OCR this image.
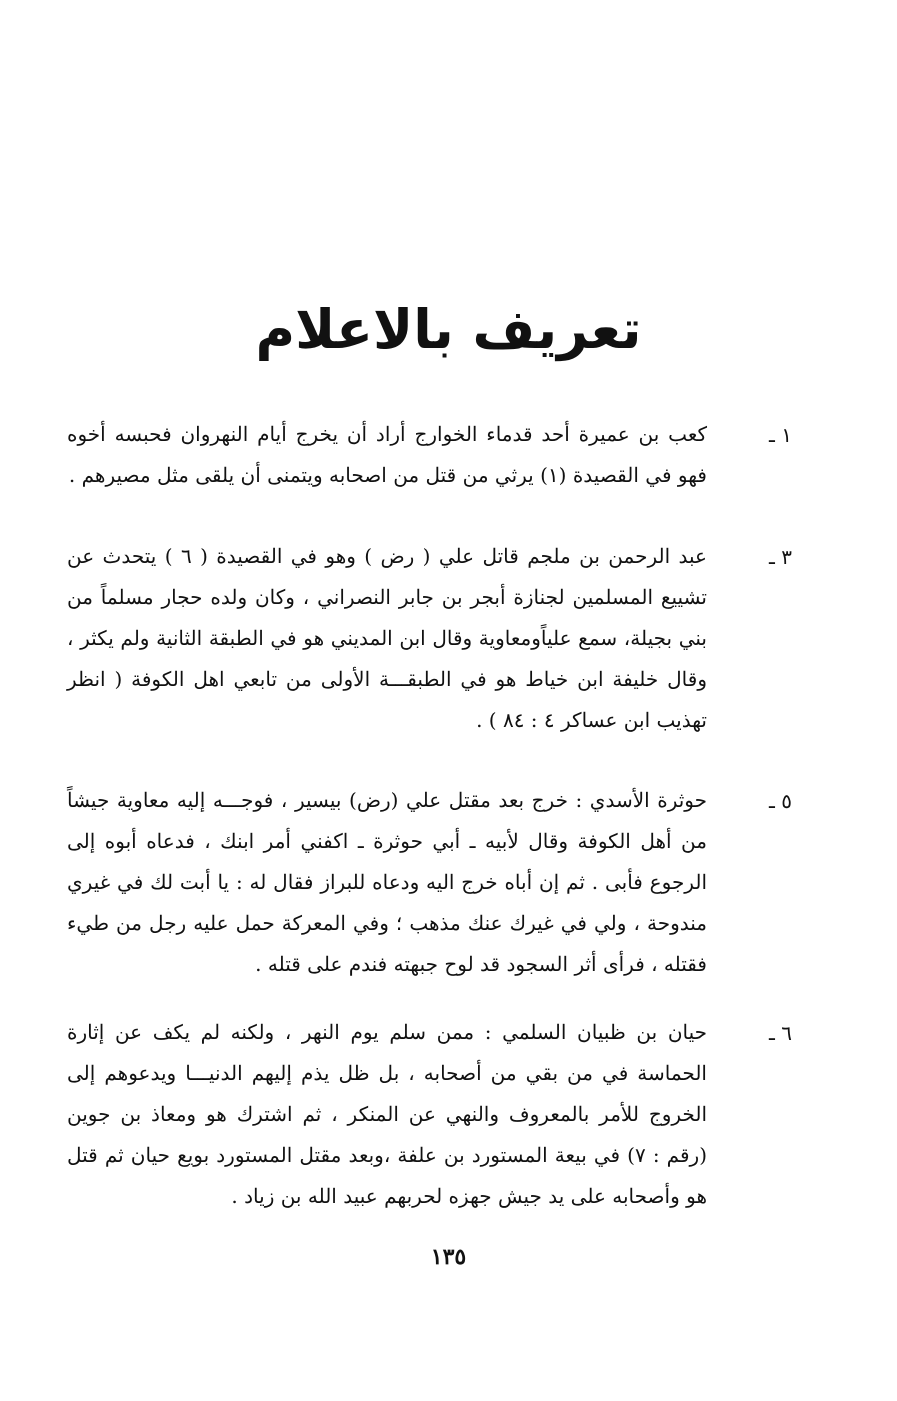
تعريف بالاعلام
١ ـ
كعب بن عميرة أحد قدماء الخوارج أراد أن يخرج أيام النهروان فحبسه أخوه فهو في القصيدة (١) يرثي من قتل من اصحابه ويتمنى أن يلقى مثل مصيرهم .
٣ ـ
عبد الرحمن بن ملجم قاتل علي ( رض ) وهو في القصيدة ( ٦ ) يتحدث عن تشييع المسلمين لجنازة أبجر بن جابر النصراني ، وكان ولده حجار مسلماً من بني بجيلة، سمع علياًومعاوية وقال ابن المديني هو في الطبقة الثانية ولم يكثر ، وقال خليفة ابن خياط هو في الطبقـــة الأولى من تابعي اهل الكوفة ( انظر تهذيب ابن عساكر ٤ : ٨٤ ) .
٥ ـ
حوثرة الأسدي : خرج بعد مقتل علي (رض) بيسير ، فوجـــه إليه معاوية جيشاً من أهل الكوفة وقال لأبيه ـ أبي حوثرة ـ اكفني أمر ابنك ، فدعاه أبوه إلى الرجوع فأبى . ثم إن أباه خرج اليه ودعاه للبراز فقال له : يا أبت لك في غيري مندوحة ، ولي في غيرك عنك مذهب ؛ وفي المعركة حمل عليه رجل من طيء فقتله ، فرأى أثر السجود قد لوح جبهته فندم على قتله .
٦ ـ
حيان بن ظبيان السلمي : ممن سلم يوم النهر ، ولكنه لم يكف عن إثارة الحماسة في من بقي من أصحابه ، بل ظل يذم إليهم الدنيـــا ويدعوهم إلى الخروج للأمر بالمعروف والنهي عن المنكر ، ثم اشترك هو ومعاذ بن جوين (رقم : ٧) في بيعة المستورد بن علفة ،وبعد مقتل المستورد بويع حيان ثم قتل هو وأصحابه على يد جيش جهزه لحربهم عبيد الله بن زياد .
١٣٥
